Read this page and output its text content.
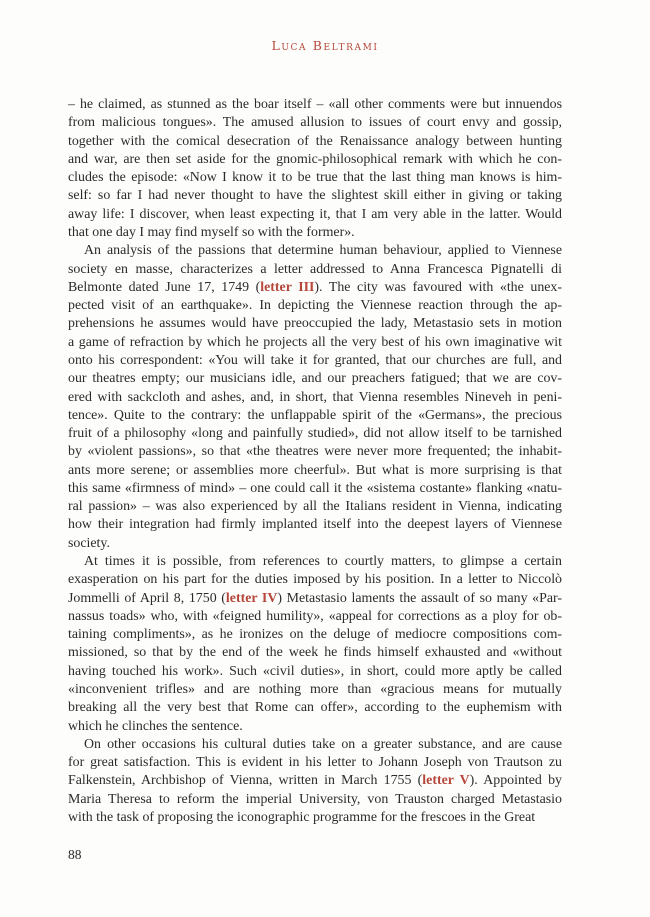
Luca Beltrami
– he claimed, as stunned as the boar itself – «all other comments were but innuendos
from malicious tongues». The amused allusion to issues of court envy and gossip,
together with the comical desecration of the Renaissance analogy between hunting
and war, are then set aside for the gnomic-philosophical remark with which he con-
cludes the episode: «Now I know it to be true that the last thing man knows is him-
self: so far I had never thought to have the slightest skill either in giving or taking
away life: I discover, when least expecting it, that I am very able in the latter. Would
that one day I may find myself so with the former».
An analysis of the passions that determine human behaviour, applied to Viennese
society en masse, characterizes a letter addressed to Anna Francesca Pignatelli di
Belmonte dated June 17, 1749 (letter III). The city was favoured with «the unex-
pected visit of an earthquake». In depicting the Viennese reaction through the ap-
prehensions he assumes would have preoccupied the lady, Metastasio sets in motion
a game of refraction by which he projects all the very best of his own imaginative wit
onto his correspondent: «You will take it for granted, that our churches are full, and
our theatres empty; our musicians idle, and our preachers fatigued; that we are cov-
ered with sackcloth and ashes, and, in short, that Vienna resembles Nineveh in peni-
tence». Quite to the contrary: the unflappable spirit of the «Germans», the precious
fruit of a philosophy «long and painfully studied», did not allow itself to be tarnished
by «violent passions», so that «the theatres were never more frequented; the inhabit-
ants more serene; or assemblies more cheerful». But what is more surprising is that
this same «firmness of mind» – one could call it the «sistema costante» flanking «natu-
ral passion» – was also experienced by all the Italians resident in Vienna, indicating
how their integration had firmly implanted itself into the deepest layers of Viennese
society.
At times it is possible, from references to courtly matters, to glimpse a certain
exasperation on his part for the duties imposed by his position. In a letter to Niccolò
Jommelli of April 8, 1750 (letter IV) Metastasio laments the assault of so many «Par-
nassus toads» who, with «feigned humility», «appeal for corrections as a ploy for ob-
taining compliments», as he ironizes on the deluge of mediocre compositions com-
missioned, so that by the end of the week he finds himself exhausted and «without
having touched his work». Such «civil duties», in short, could more aptly be called
«inconvenient trifles» and are nothing more than «gracious means for mutually
breaking all the very best that Rome can offer», according to the euphemism with
which he clinches the sentence.
On other occasions his cultural duties take on a greater substance, and are cause
for great satisfaction. This is evident in his letter to Johann Joseph von Trautson zu
Falkenstein, Archbishop of Vienna, written in March 1755 (letter V). Appointed by
Maria Theresa to reform the imperial University, von Trauston charged Metastasio
with the task of proposing the iconographic programme for the frescoes in the Great
88
